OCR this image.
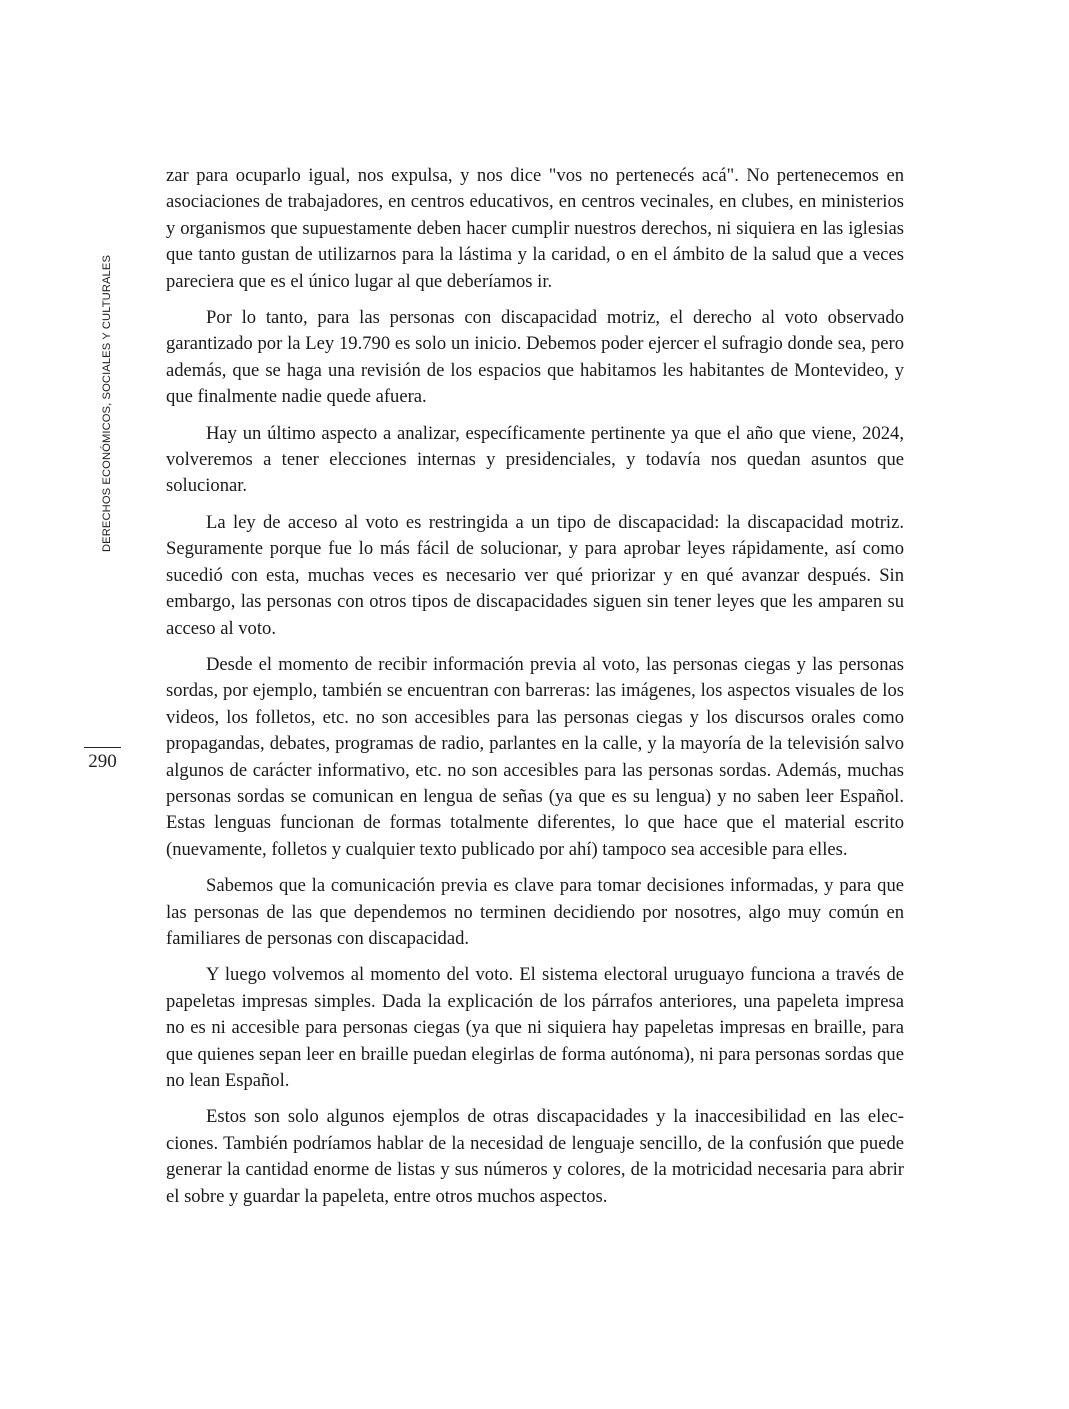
DERECHOS ECONÓMICOS, SOCIALES Y CULTURALES
290

zar para ocuparlo igual, nos expulsa, y nos dice "vos no pertenecés acá". No pertenecemos en asociaciones de trabajadores, en centros educativos, en centros vecinales, en clubes, en ministerios y organismos que supuestamente deben hacer cumplir nuestros derechos, ni siquiera en las iglesias que tanto gustan de utilizarnos para la lástima y la caridad, o en el ámbito de la salud que a veces pareciera que es el único lugar al que deberíamos ir.

Por lo tanto, para las personas con discapacidad motriz, el derecho al voto observado garantizado por la Ley 19.790 es solo un inicio. Debemos poder ejercer el sufragio donde sea, pero además, que se haga una revisión de los espacios que habitamos les habitantes de Montevideo, y que finalmente nadie quede afuera.

Hay un último aspecto a analizar, específicamente pertinente ya que el año que viene, 2024, volveremos a tener elecciones internas y presidenciales, y todavía nos quedan asuntos que solucionar.

La ley de acceso al voto es restringida a un tipo de discapacidad: la discapacidad motriz. Seguramente porque fue lo más fácil de solucionar, y para aprobar leyes rápidamente, así como sucedió con esta, muchas veces es necesario ver qué priorizar y en qué avanzar después. Sin embargo, las personas con otros tipos de discapacidades siguen sin tener leyes que les amparen su acceso al voto.

Desde el momento de recibir información previa al voto, las personas ciegas y las personas sordas, por ejemplo, también se encuentran con barreras: las imágenes, los aspectos visuales de los videos, los folletos, etc. no son accesibles para las personas ciegas y los discursos orales como propagandas, debates, programas de radio, parlantes en la calle, y la mayoría de la televisión salvo algunos de carácter informativo, etc. no son accesibles para las personas sordas. Además, muchas personas sordas se comunican en lengua de señas (ya que es su lengua) y no saben leer Español. Estas lenguas funcionan de formas totalmente diferentes, lo que hace que el material escrito (nuevamente, folletos y cualquier texto publicado por ahí) tampoco sea accesible para elles.

Sabemos que la comunicación previa es clave para tomar decisiones informadas, y para que las personas de las que dependemos no terminen decidiendo por nosotres, algo muy común en familiares de personas con discapacidad.

Y luego volvemos al momento del voto. El sistema electoral uruguayo funciona a través de papeletas impresas simples. Dada la explicación de los párrafos anteriores, una papeleta impresa no es ni accesible para personas ciegas (ya que ni siquiera hay papeletas impresas en braille, para que quienes sepan leer en braille puedan elegirlas de forma autónoma), ni para personas sordas que no lean Español.

Estos son solo algunos ejemplos de otras discapacidades y la inaccesibilidad en las elecciones. También podríamos hablar de la necesidad de lenguaje sencillo, de la confusión que puede generar la cantidad enorme de listas y sus números y colores, de la motricidad necesaria para abrir el sobre y guardar la papeleta, entre otros muchos aspectos.
